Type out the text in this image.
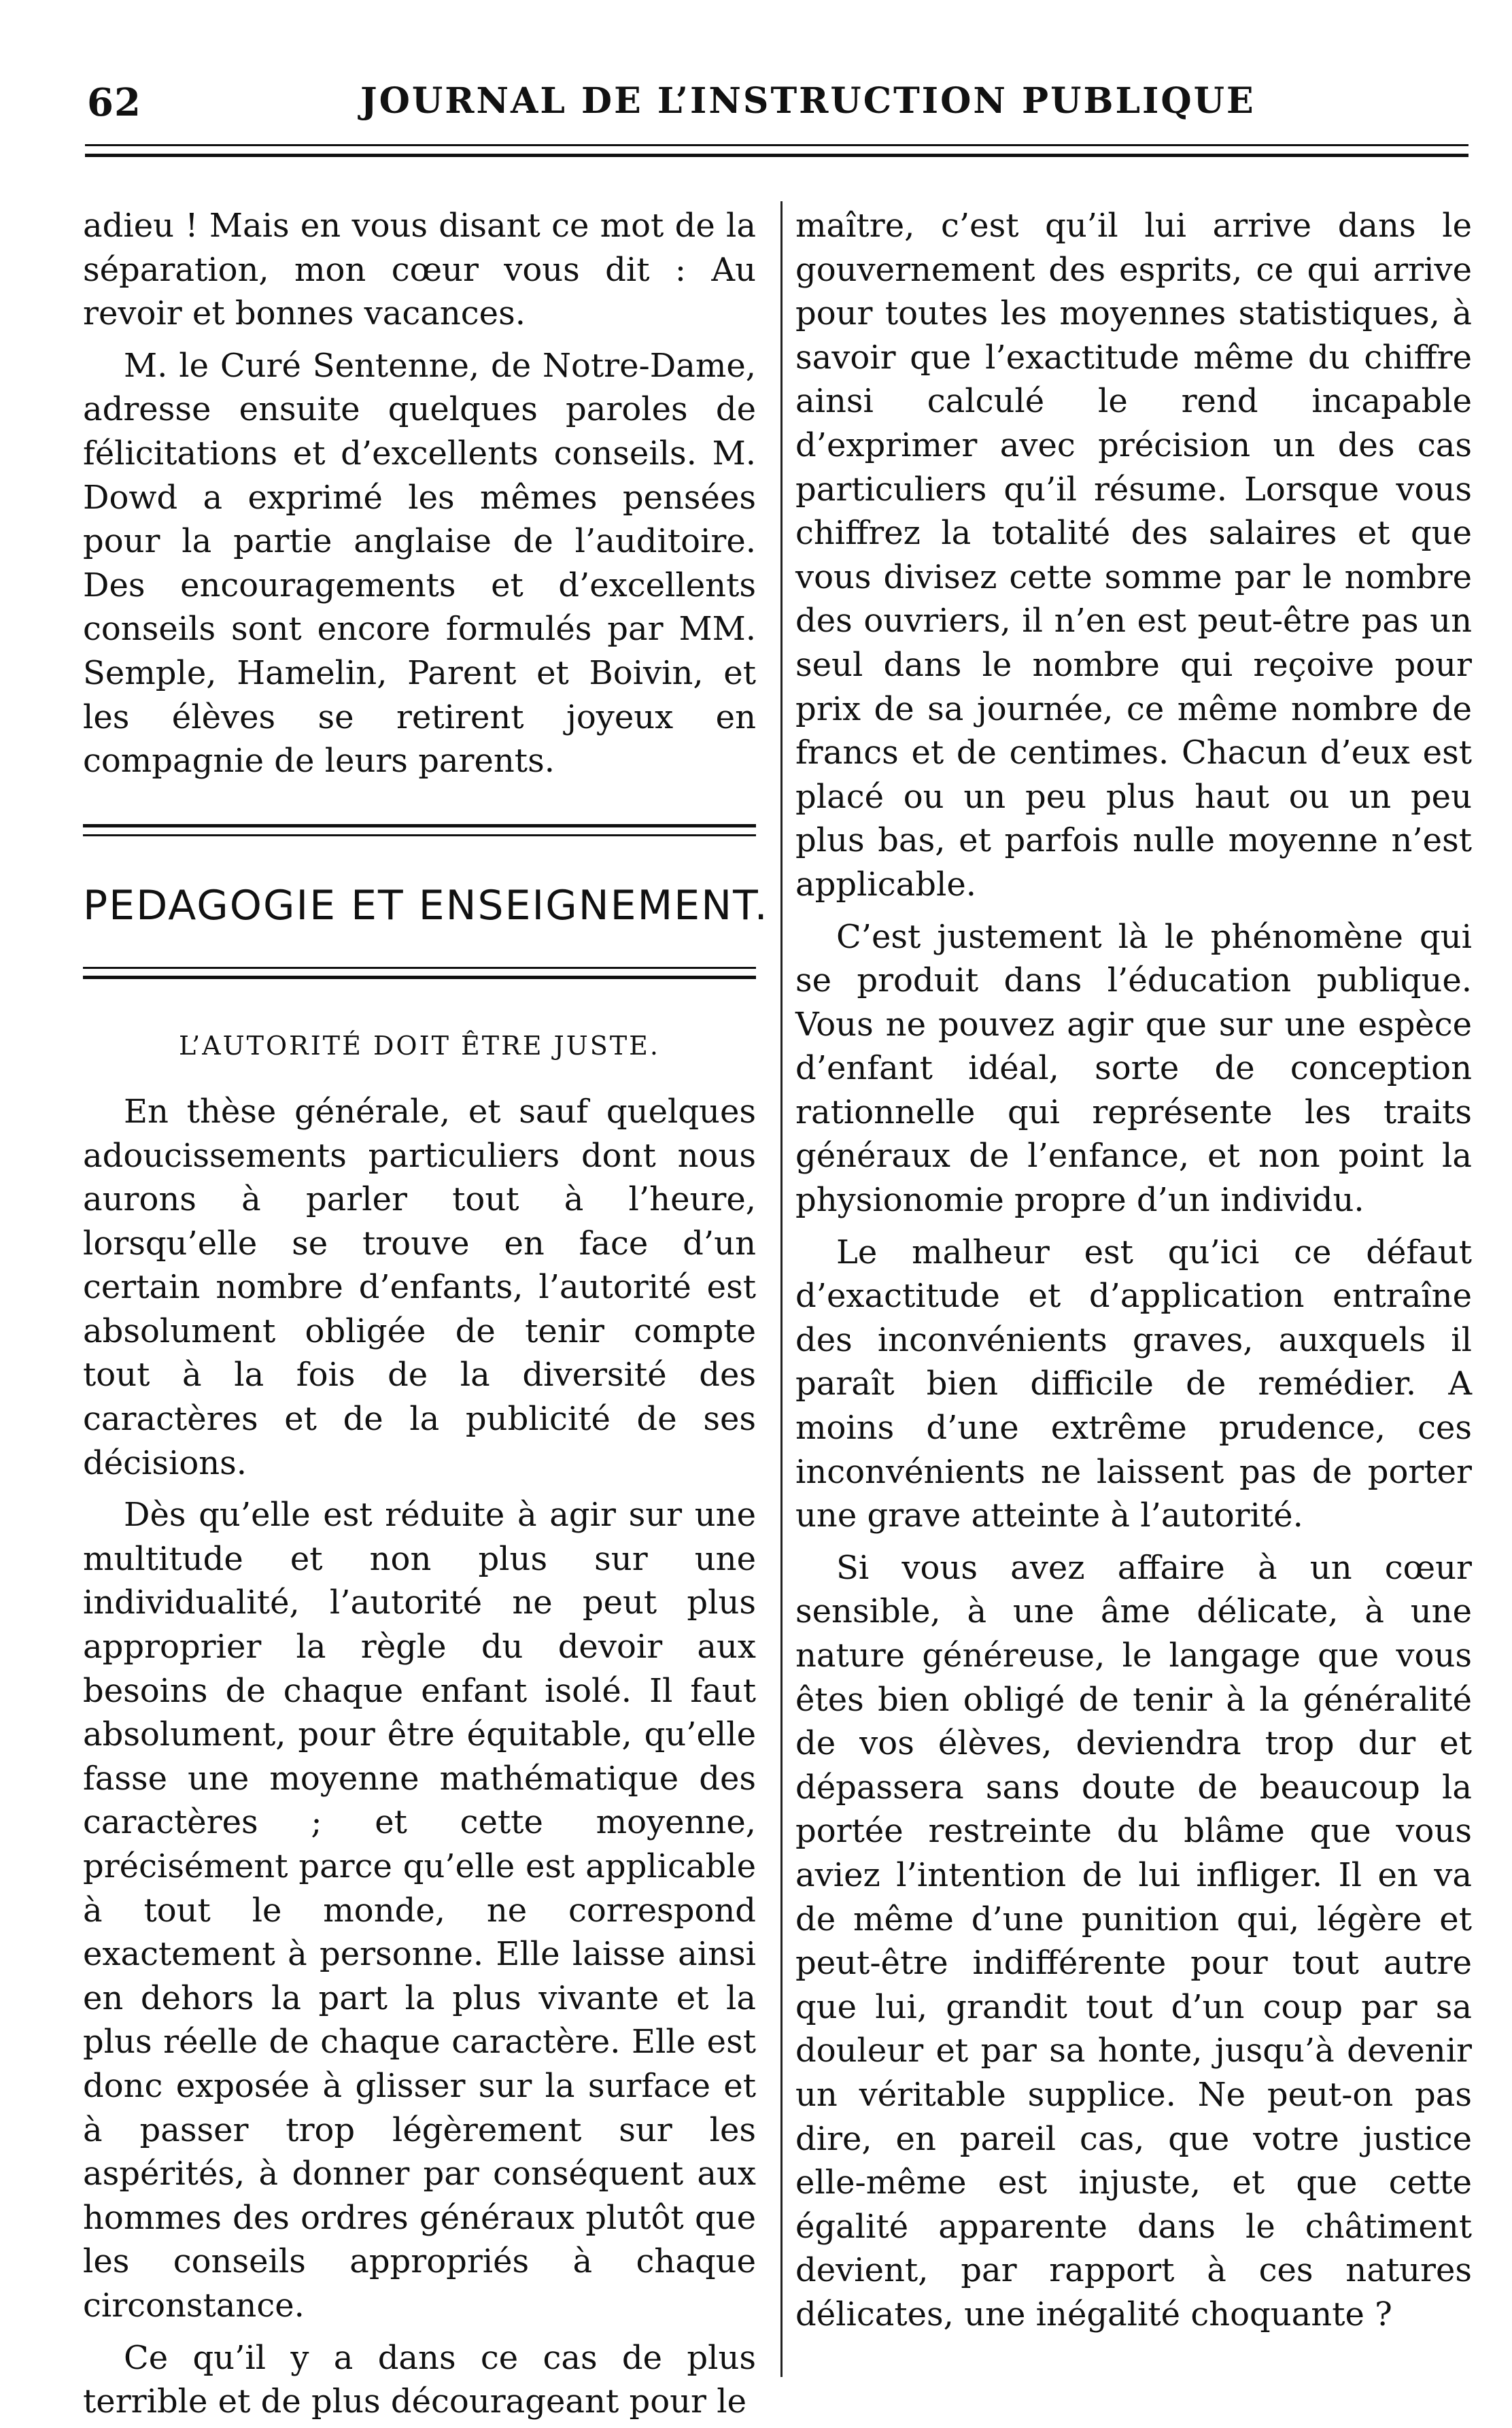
62	JOURNAL DE L’INSTRUCTION PUBLIQUE

adieu ! Mais en vous disant ce mot de la séparation, mon cœur vous dit : Au revoir et bonnes vacances.

M. le Curé Sentenne, de Notre-Dame, adresse ensuite quelques paroles de félicitations et d’excellents conseils. M. Dowd a exprimé les mêmes pensées pour la partie anglaise de l’auditoire. Des encouragements et d’excellents conseils sont encore formulés par MM. Semple, Hamelin, Parent et Boivin, et les élèves se retirent joyeux en compagnie de leurs parents.

PEDAGOGIE ET ENSEIGNEMENT.
L’AUTORITÉ DOIT ÊTRE JUSTE.

En thèse générale, et sauf quelques adoucissements particuliers dont nous aurons à parler tout à l’heure, lorsqu’elle se trouve en face d’un certain nombre d’enfants, l’autorité est absolument obligée de tenir compte tout à la fois de la diversité des caractères et de la publicité de ses décisions.

Dès qu’elle est réduite à agir sur une multitude et non plus sur une individualité, l’autorité ne peut plus approprier la règle du devoir aux besoins de chaque enfant isolé. Il faut absolument, pour être équitable, qu’elle fasse une moyenne mathématique des caractères ; et cette moyenne, précisément parce qu’elle est applicable à tout le monde, ne correspond exactement à personne. Elle laisse ainsi en dehors la part la plus vivante et la plus réelle de chaque caractère. Elle est donc exposée à glisser sur la surface et à passer trop légèrement sur les aspérités, à donner par conséquent aux hommes des ordres généraux plutôt que les conseils appropriés à chaque circonstance.

Ce qu’il y a dans ce cas de plus terrible et de plus décourageant pour le

maître, c’est qu’il lui arrive dans le gouvernement des esprits, ce qui arrive pour toutes les moyennes statistiques, à savoir que l’exactitude même du chiffre ainsi calculé le rend incapable d’exprimer avec précision un des cas particuliers qu’il résume. Lorsque vous chiffrez la totalité des salaires et que vous divisez cette somme par le nombre des ouvriers, il n’en est peut-être pas un seul dans le nombre qui reçoive pour prix de sa journée, ce même nombre de francs et de centimes. Chacun d’eux est placé ou un peu plus haut ou un peu plus bas, et parfois nulle moyenne n’est applicable.

C’est justement là le phénomène qui se produit dans l’éducation publique. Vous ne pouvez agir que sur une espèce d’enfant idéal, sorte de conception rationnelle qui représente les traits généraux de l’enfance, et non point la physionomie propre d’un individu.

Le malheur est qu’ici ce défaut d’exactitude et d’application entraîne des inconvénients graves, auxquels il paraît bien difficile de remédier. A moins d’une extrême prudence, ces inconvénients ne laissent pas de porter une grave atteinte à l’autorité.

Si vous avez affaire à un cœur sensible, à une âme délicate, à une nature généreuse, le langage que vous êtes bien obligé de tenir à la généralité de vos élèves, deviendra trop dur et dépassera sans doute de beaucoup la portée restreinte du blâme que vous aviez l’intention de lui infliger. Il en va de même d’une punition qui, légère et peut-être indifférente pour tout autre que lui, grandit tout d’un coup par sa douleur et par sa honte, jusqu’à devenir un véritable supplice. Ne peut-on pas dire, en pareil cas, que votre justice elle-même est injuste, et que cette égalité apparente dans le châtiment devient, par rapport à ces natures délicates, une inégalité choquante ?
